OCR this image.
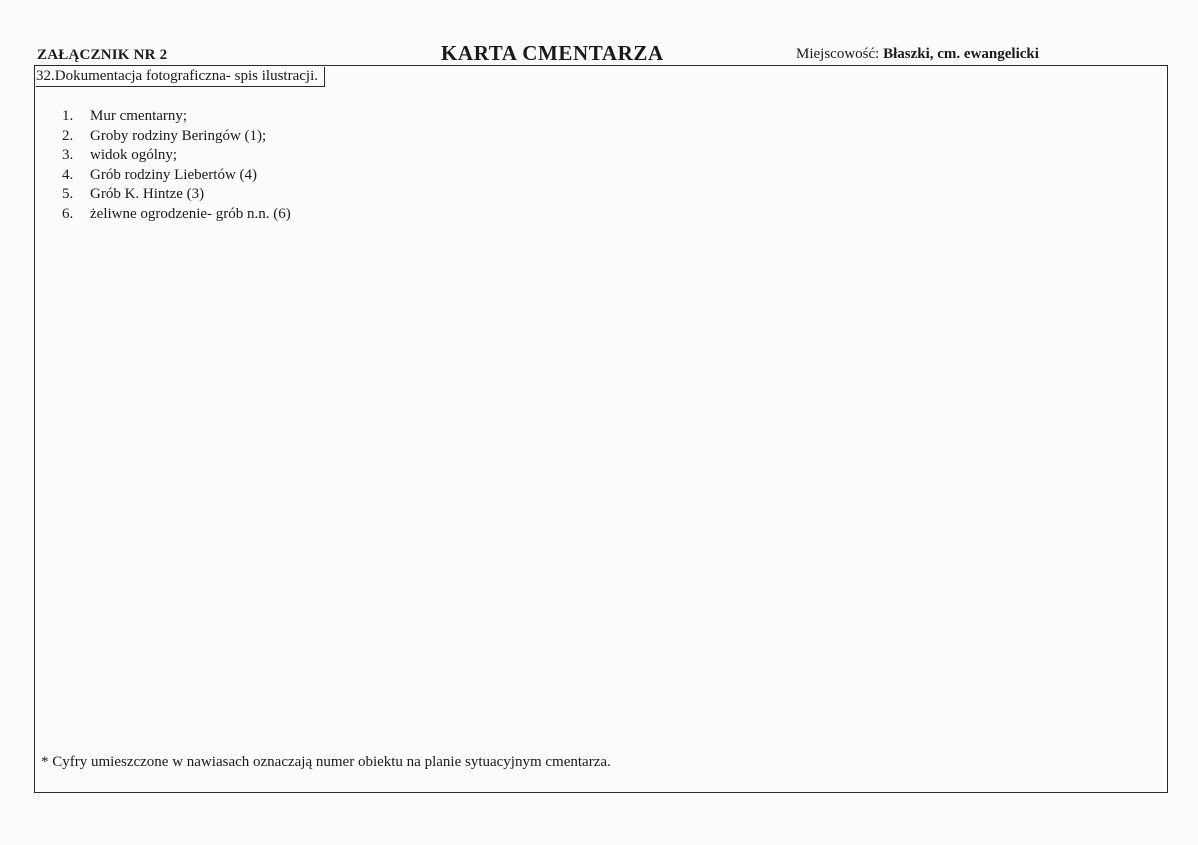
ZAŁĄCZNIK NR 2	KARTA CMENTARZA	Miejscowość: Błaszki, cm. ewangelicki
32.Dokumentacja fotograficzna- spis ilustracji.
1.	Mur cmentarny;
2.	Groby rodziny Beringów (1);
3.	widok ogólny;
4.	Grób rodziny Liebertów (4)
5.	Grób K. Hintze (3)
6.	żeliwne ogrodzenie- grób n.n. (6)
* Cyfry umieszczone w nawiasach oznaczają numer obiektu na planie sytuacyjnym cmentarza.
